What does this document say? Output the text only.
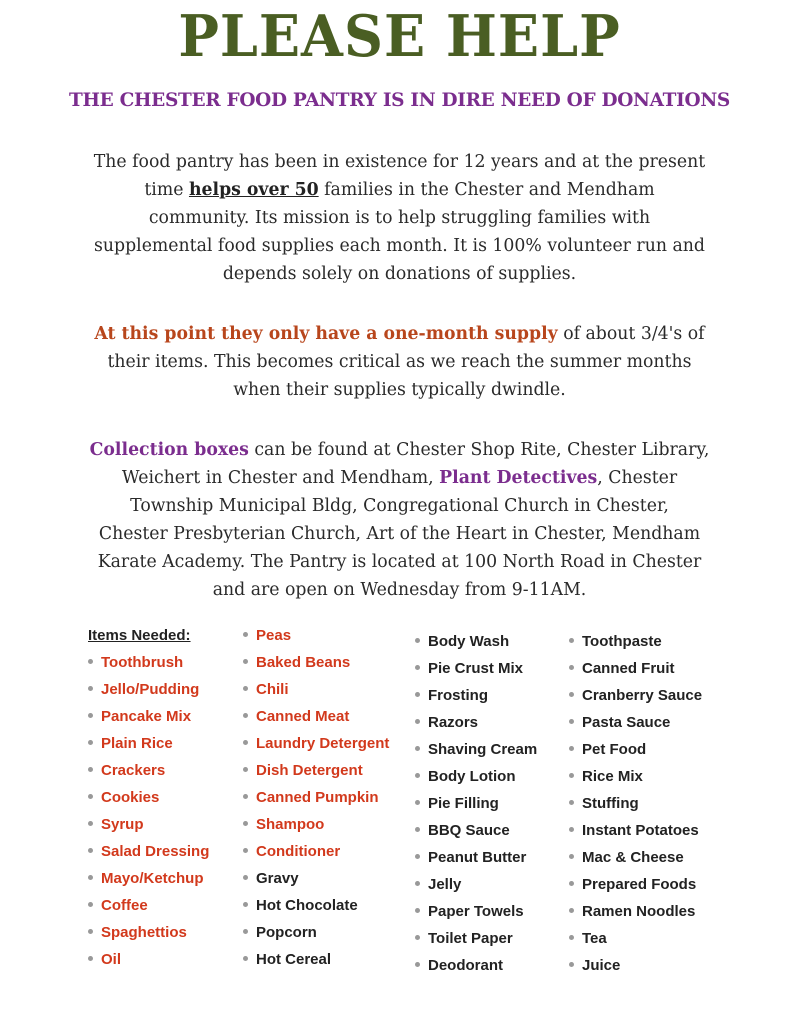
PLEASE HELP
THE CHESTER FOOD PANTRY IS IN DIRE NEED OF DONATIONS
The food pantry has been in existence for 12 years and at the present
time helps over 50 families in the Chester and Mendham
community. Its mission is to help struggling families with
supplemental food supplies each month. It is 100% volunteer run and
depends solely on donations of supplies.
At this point they only have a one-month supply of about 3/4's of
their items. This becomes critical as we reach the summer months
when their supplies typically dwindle.
Collection boxes can be found at Chester Shop Rite, Chester Library,
Weichert in Chester and Mendham, Plant Detectives, Chester
Township Municipal Bldg, Congregational Church in Chester,
Chester Presbyterian Church, Art of the Heart in Chester, Mendham
Karate Academy. The Pantry is located at 100 North Road in Chester
and are open on Wednesday from 9-11AM.
Items Needed:
Toothbrush
Jello/Pudding
Pancake Mix
Plain Rice
Crackers
Cookies
Syrup
Salad Dressing
Mayo/Ketchup
Coffee
Spaghettios
Oil
Peas
Baked Beans
Chili
Canned Meat
Laundry Detergent
Dish Detergent
Canned Pumpkin
Shampoo
Conditioner
Gravy
Hot Chocolate
Popcorn
Hot Cereal
Body Wash
Pie Crust Mix
Frosting
Razors
Shaving Cream
Body Lotion
Pie Filling
BBQ Sauce
Peanut Butter
Jelly
Paper Towels
Toilet Paper
Deodorant
Toothpaste
Canned Fruit
Cranberry Sauce
Pasta Sauce
Pet Food
Rice Mix
Stuffing
Instant Potatoes
Mac & Cheese
Prepared Foods
Ramen Noodles
Tea
Juice
